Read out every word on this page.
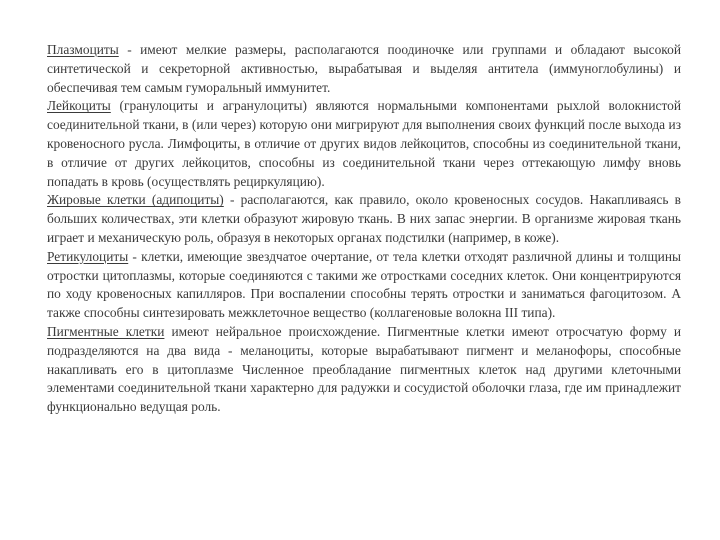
Плазмоциты - имеют мелкие размеры, располагаются поодиночке или группами и обладают высокой синтетической и секреторной активностью, вырабатывая и выделяя антитела (иммуноглобулины) и обеспечивая тем самым гуморальный иммунитет.

Лейкоциты (гранулоциты и агранулоциты) являются нормальными компонентами рыхлой волокнистой соединительной ткани, в (или через) которую они мигрируют для выполнения своих функций после выхода из кровеносного русла. Лимфоциты, в отличие от других видов лейкоцитов, способны из соединительной ткани, в отличие от других лейкоцитов, способны из соединительной ткани через оттекающую лимфу вновь попадать в кровь (осуществлять рециркуляцию).

Жировые клетки (адипоциты) - располагаются, как правило, около кровеносных сосудов. Накапливаясь в больших количествах, эти клетки образуют жировую ткань. В них запас энергии. В организме жировая ткань играет и механическую роль, образуя в некоторых органах подстилки (например, в коже).

Ретикулоциты - клетки, имеющие звездчатое очертание, от тела клетки отходят различной длины и толщины отростки цитоплазмы, которые соединяются с такими же отростками соседних клеток. Они концентрируются по ходу кровеносных капилляров. При воспалении способны терять отростки и заниматься фагоцитозом. А также способны синтезировать межклеточное вещество (коллагеновые волокна III типа).

Пигментные клетки имеют нейральное происхождение. Пигментные клетки имеют отросчатую форму и подразделяются на два вида - меланоциты, которые вырабатывают пигмент и меланофоры, способные накапливать его в цитоплазме Численное преобладание пигментных клеток над другими клеточными элементами соединительной ткани характерно для радужки и сосудистой оболочки глаза, где им принадлежит функционально ведущая роль.
